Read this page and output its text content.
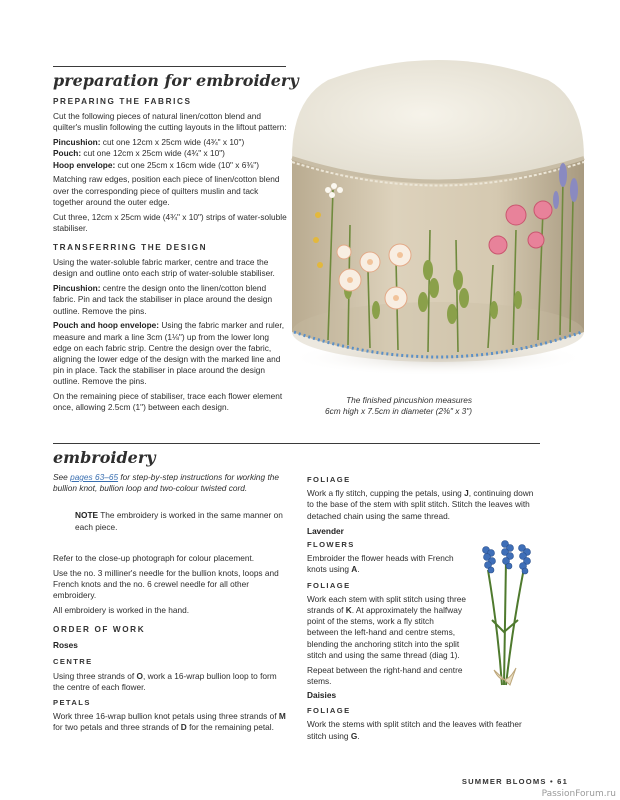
preparation for embroidery
PREPARING THE FABRICS
Cut the following pieces of natural linen/cotton blend and quilter's muslin following the cutting layouts in the liftout pattern:
Pincushion: cut one 12cm x 25cm wide (4¾" x 10")
Pouch: cut one 12cm x 25cm wide (4¾" x 10")
Hoop envelope: cut one 25cm x 16cm wide (10" x 6⅜")
Matching raw edges, position each piece of linen/cotton blend over the corresponding piece of quilters muslin and tack together around the outer edge.
Cut three, 12cm x 25cm wide (4¾" x 10") strips of water-soluble stabiliser.
TRANSFERRING THE DESIGN
Using the water-soluble fabric marker, centre and trace the design and outline onto each strip of water-soluble stabiliser.
Pincushion: centre the design onto the linen/cotton blend fabric. Pin and tack the stabiliser in place around the design outline. Remove the pins.
Pouch and hoop envelope: Using the fabric marker and ruler, measure and mark a line 3cm (1⅛") up from the lower long edge on each fabric strip. Centre the design over the fabric, aligning the lower edge of the design with the marked line and pin in place. Tack the stabiliser in place around the design outline. Remove the pins.
On the remaining piece of stabiliser, trace each flower element once, allowing 2.5cm (1") between each design.
The finished pincushion measures
6cm high x 7.5cm in diameter (2⅜" x 3")
embroidery
See pages 63–65 for step-by-step instructions for working the bullion knot, bullion loop and two-colour twisted cord.
NOTE The embroidery is worked in the same manner on each piece.
Refer to the close-up photograph for colour placement.
Use the no. 3 milliner's needle for the bullion knots, loops and French knots and the no. 6 crewel needle for all other embroidery.
All embroidery is worked in the hand.
ORDER OF WORK
Roses
CENTRE
Using three strands of O, work a 16-wrap bullion loop to form the centre of each flower.
PETALS
Work three 16-wrap bullion knot petals using three strands of M for two petals and three strands of D for the remaining petal.
FOLIAGE
Work a fly stitch, cupping the petals, using J, continuing down to the base of the stem with split stitch. Stitch the leaves with detached chain using the same thread.
Lavender
FLOWERS
Embroider the flower heads with French knots using A.
FOLIAGE
Work each stem with split stitch using three strands of K. At approximately the halfway point of the stems, work a fly stitch between the left-hand and centre stems, blending the anchoring stitch into the split stitch and using the same thread (diag 1).
Repeat between the right-hand and centre stems.
Daisies
FOLIAGE
Work the stems with split stitch and the leaves with feather stitch using G.
SUMMER BLOOMS • 61
PassionForum.ru
